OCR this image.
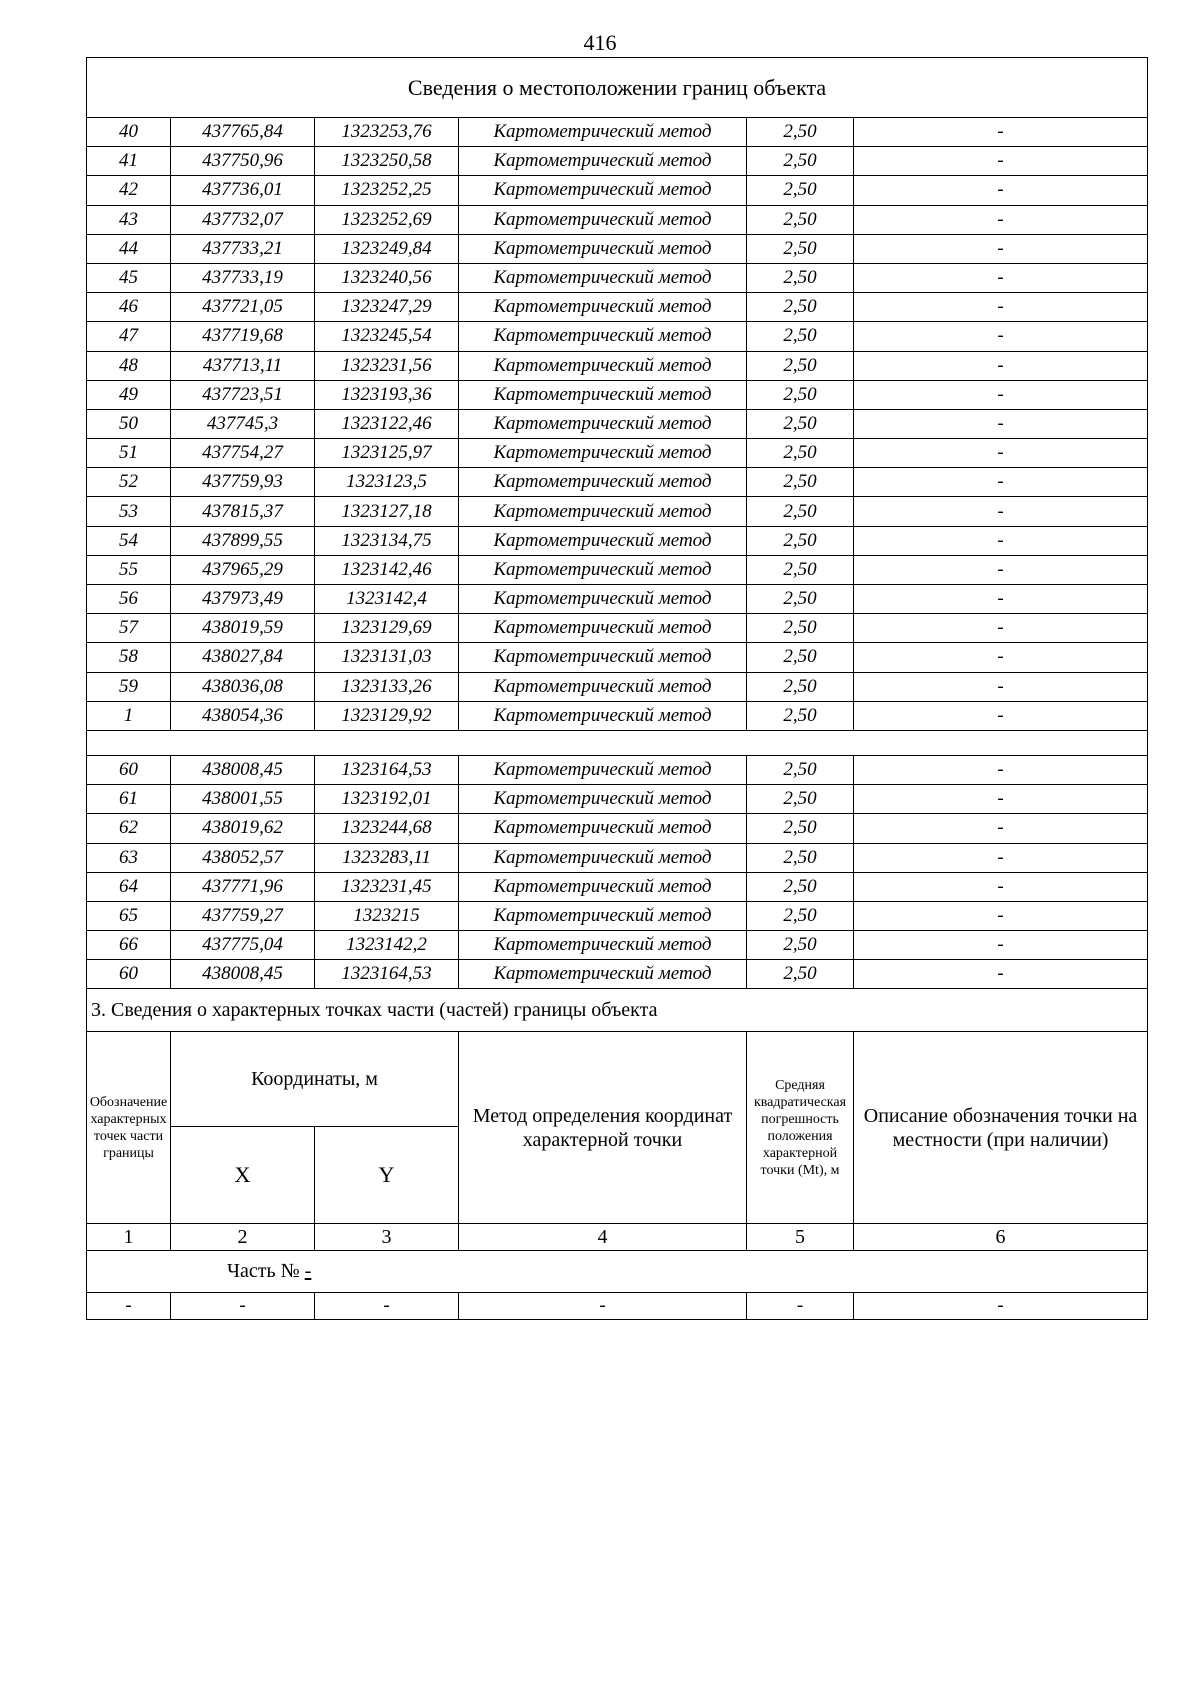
416
Сведения о местоположении границ объекта					
40	437765,84	1323253,76	Картометрический метод	2,50	-
41	437750,96	1323250,58	Картометрический метод	2,50	-
42	437736,01	1323252,25	Картометрический метод	2,50	-
43	437732,07	1323252,69	Картометрический метод	2,50	-
44	437733,21	1323249,84	Картометрический метод	2,50	-
45	437733,19	1323240,56	Картометрический метод	2,50	-
46	437721,05	1323247,29	Картометрический метод	2,50	-
47	437719,68	1323245,54	Картометрический метод	2,50	-
48	437713,11	1323231,56	Картометрический метод	2,50	-
49	437723,51	1323193,36	Картометрический метод	2,50	-
50	437745,3	1323122,46	Картометрический метод	2,50	-
51	437754,27	1323125,97	Картометрический метод	2,50	-
52	437759,93	1323123,5	Картометрический метод	2,50	-
53	437815,37	1323127,18	Картометрический метод	2,50	-
54	437899,55	1323134,75	Картометрический метод	2,50	-
55	437965,29	1323142,46	Картометрический метод	2,50	-
56	437973,49	1323142,4	Картометрический метод	2,50	-
57	438019,59	1323129,69	Картометрический метод	2,50	-
58	438027,84	1323131,03	Картометрический метод	2,50	-
59	438036,08	1323133,26	Картометрический метод	2,50	-
1	438054,36	1323129,92	Картометрический метод	2,50	-

60	438008,45	1323164,53	Картометрический метод	2,50	-
61	438001,55	1323192,01	Картометрический метод	2,50	-
62	438019,62	1323244,68	Картометрический метод	2,50	-
63	438052,57	1323283,11	Картометрический метод	2,50	-
64	437771,96	1323231,45	Картометрический метод	2,50	-
65	437759,27	1323215	Картометрический метод	2,50	-
66	437775,04	1323142,2	Картометрический метод	2,50	-
60	438008,45	1323164,53	Картометрический метод	2,50	-
3. Сведения о характерных точках части (частей) границы объекта					
Обозначение характерных точек части границы	Координаты, м		Метод определения координат характерной точки	Средняя квадратическая погрешность положения характерной точки (Mt), м	Описание обозначения точки на местности (при наличии)
	X	Y			
1	2	3	4	5	6
Часть № -					
-	-	-	-	-	-
